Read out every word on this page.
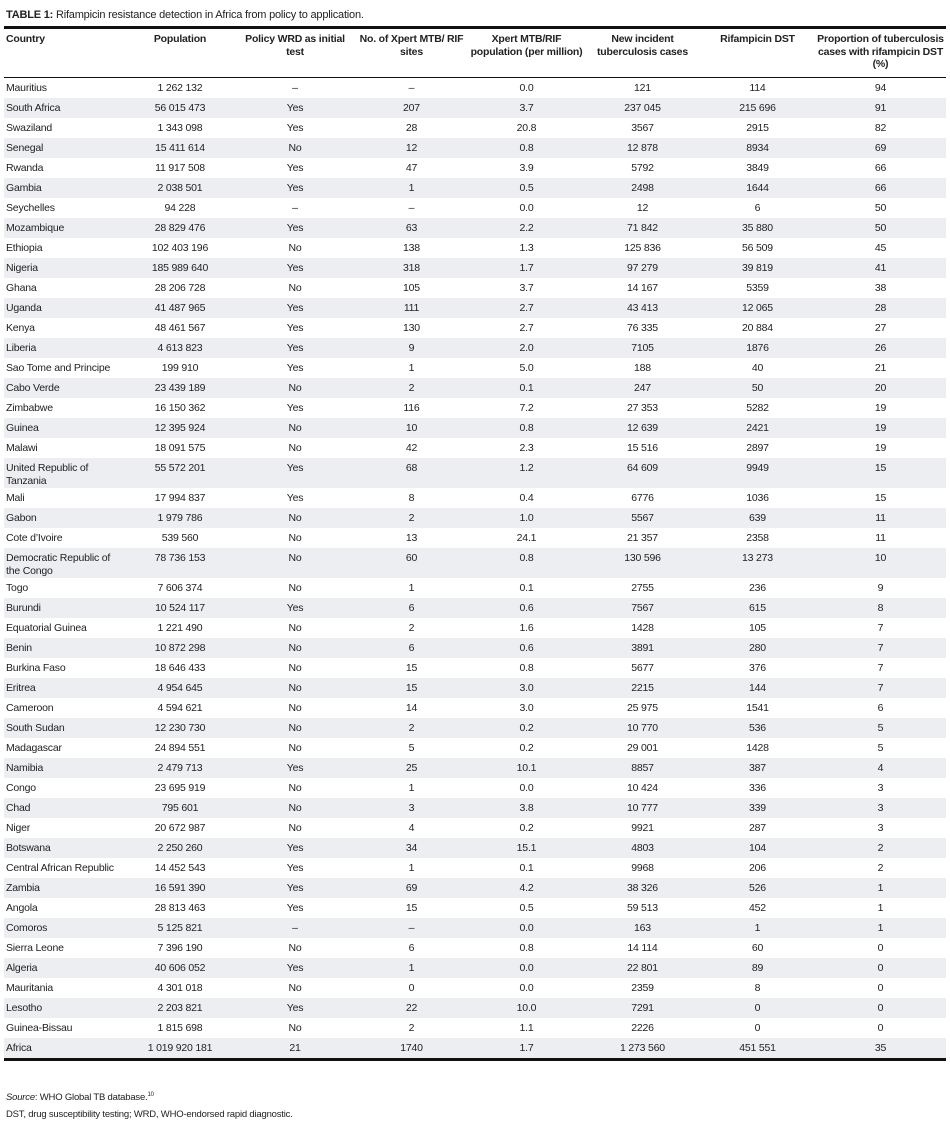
TABLE 1: Rifampicin resistance detection in Africa from policy to application.
Country	Population	Policy WRD as initial test	No. of Xpert MTB/ RIF sites	Xpert MTB/RIF population (per million)	New incident tuberculosis cases	Rifampicin DST	Proportion of tuberculosis cases with rifampicin DST (%)
Mauritius	1 262 132	–	–	0.0	121	114	94
South Africa	56 015 473	Yes	207	3.7	237 045	215 696	91
Swaziland	1 343 098	Yes	28	20.8	3567	2915	82
Senegal	15 411 614	No	12	0.8	12 878	8934	69
Rwanda	11 917 508	Yes	47	3.9	5792	3849	66
Gambia	2 038 501	Yes	1	0.5	2498	1644	66
Seychelles	94 228	–	–	0.0	12	6	50
Mozambique	28 829 476	Yes	63	2.2	71 842	35 880	50
Ethiopia	102 403 196	No	138	1.3	125 836	56 509	45
Nigeria	185 989 640	Yes	318	1.7	97 279	39 819	41
Ghana	28 206 728	No	105	3.7	14 167	5359	38
Uganda	41 487 965	Yes	111	2.7	43 413	12 065	28
Kenya	48 461 567	Yes	130	2.7	76 335	20 884	27
Liberia	4 613 823	Yes	9	2.0	7105	1876	26
Sao Tome and Principe	199 910	Yes	1	5.0	188	40	21
Cabo Verde	23 439 189	No	2	0.1	247	50	20
Zimbabwe	16 150 362	Yes	116	7.2	27 353	5282	19
Guinea	12 395 924	No	10	0.8	12 639	2421	19
Malawi	18 091 575	No	42	2.3	15 516	2897	19
United Republic of Tanzania	55 572 201	Yes	68	1.2	64 609	9949	15
Mali	17 994 837	Yes	8	0.4	6776	1036	15
Gabon	1 979 786	No	2	1.0	5567	639	11
Cote d’Ivoire	539 560	No	13	24.1	21 357	2358	11
Democratic Republic of the Congo	78 736 153	No	60	0.8	130 596	13 273	10
Togo	7 606 374	No	1	0.1	2755	236	9
Burundi	10 524 117	Yes	6	0.6	7567	615	8
Equatorial Guinea	1 221 490	No	2	1.6	1428	105	7
Benin	10 872 298	No	6	0.6	3891	280	7
Burkina Faso	18 646 433	No	15	0.8	5677	376	7
Eritrea	4 954 645	No	15	3.0	2215	144	7
Cameroon	4 594 621	No	14	3.0	25 975	1541	6
South Sudan	12 230 730	No	2	0.2	10 770	536	5
Madagascar	24 894 551	No	5	0.2	29 001	1428	5
Namibia	2 479 713	Yes	25	10.1	8857	387	4
Congo	23 695 919	No	1	0.0	10 424	336	3
Chad	795 601	No	3	3.8	10 777	339	3
Niger	20 672 987	No	4	0.2	9921	287	3
Botswana	2 250 260	Yes	34	15.1	4803	104	2
Central African Republic	14 452 543	Yes	1	0.1	9968	206	2
Zambia	16 591 390	Yes	69	4.2	38 326	526	1
Angola	28 813 463	Yes	15	0.5	59 513	452	1
Comoros	5 125 821	–	–	0.0	163	1	1
Sierra Leone	7 396 190	No	6	0.8	14 114	60	0
Algeria	40 606 052	Yes	1	0.0	22 801	89	0
Mauritania	4 301 018	No	0	0.0	2359	8	0
Lesotho	2 203 821	Yes	22	10.0	7291	0	0
Guinea-Bissau	1 815 698	No	2	1.1	2226	0	0
Africa	1 019 920 181	21	1740	1.7	1 273 560	451 551	35
Source: WHO Global TB database.$^{10}$
DST, drug susceptibility testing; WRD, WHO-endorsed rapid diagnostic.
